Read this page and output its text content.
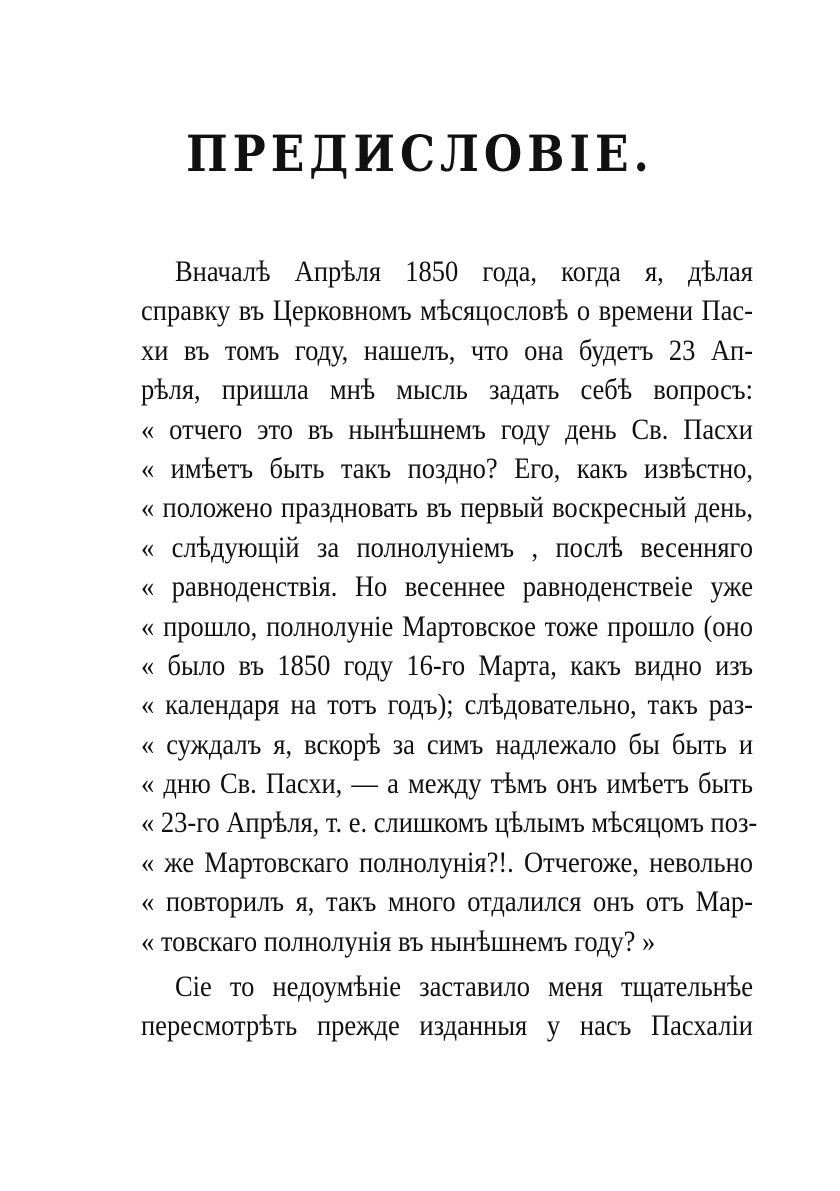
ПРЕДИСЛОВІЕ.
Вначалѣ Апрѣля 1850 года, когда я, дѣлая
справку въ Церковномъ мѣсяцословѣ о времени Пас-
хи въ томъ году, нашелъ, что она будетъ 23 Ап-
рѣля, пришла мнѣ мысль задать себѣ вопросъ:
« отчего это въ нынѣшнемъ году день Св. Пасхи
« имѣетъ быть такъ поздно? Его, какъ извѣстно,
« положено праздновать въ первый воскресный день,
« слѣдующій за полнолуніемъ , послѣ весенняго
« равноденствія. Но весеннее равноденствеіе уже
« прошло, полнолуніе Мартовское тоже прошло (оно
« было въ 1850 году 16-го Марта, какъ видно изъ
« календаря на тотъ годъ); слѣдовательно, такъ раз-
« суждалъ я, вскорѣ за симъ надлежало бы быть и
« дню Св. Пасхи, — а между тѣмъ онъ имѣетъ быть
« 23-го Апрѣля, т. е. слишкомъ цѣлымъ мѣсяцомъ поз-
« же Мартовскаго полнолунія?!. Отчегоже, невольно
« повторилъ я, такъ много отдалился онъ отъ Мар-
« товскаго полнолунія въ нынѣшнемъ году? »
Сіе то недоумѣніе заставило меня тщательнѣе
пересмотрѣть прежде изданныя у насъ Пасхаліи
